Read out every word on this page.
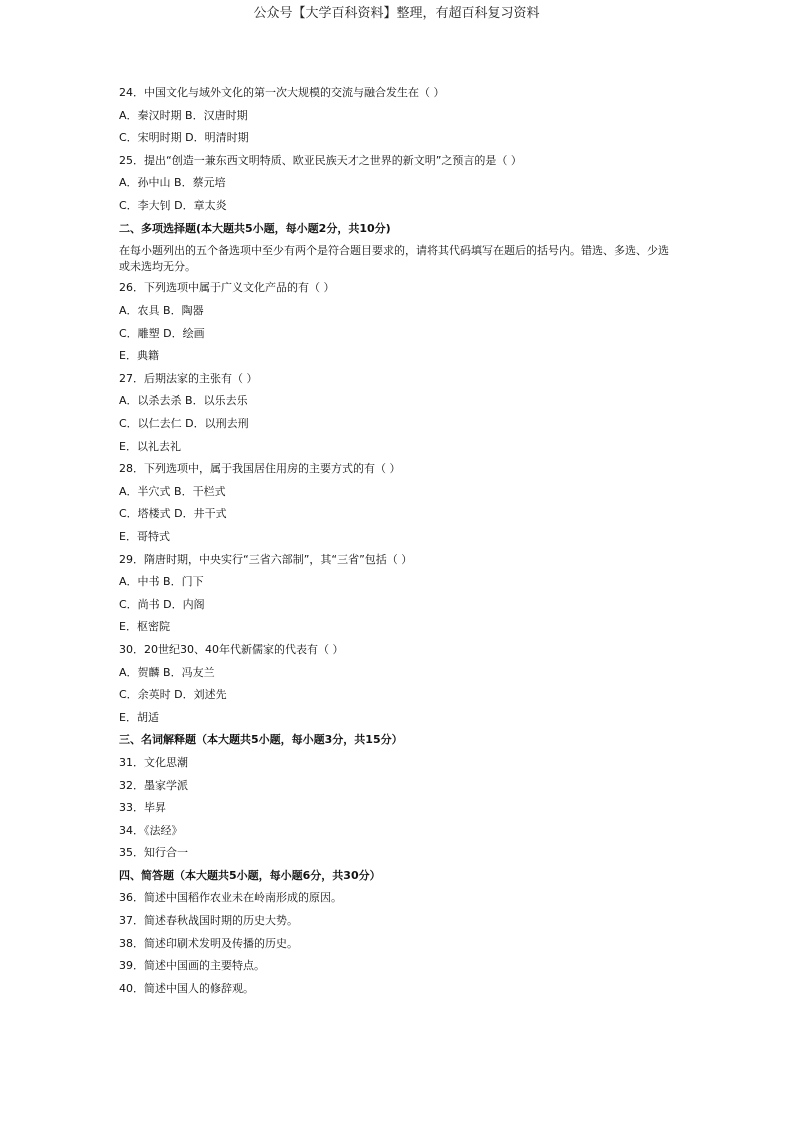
公众号【大学百科资料】整理，有超百科复习资料

24．中国文化与域外文化的第一次大规模的交流与融合发生在（ ）

A．秦汉时期 B．汉唐时期

C．宋明时期 D．明清时期

25．提出“创造一兼东西文明特质、欧亚民族天才之世界的新文明”之预言的是（ ）

A．孙中山 B．蔡元培

C．李大钊 D．章太炎

二、多项选择题(本大题共5小题，每小题2分，共10分)

在每小题列出的五个备选项中至少有两个是符合题目要求的，请将其代码填写在题后的括号内。错选、多选、少选或未选均无分。

26．下列选项中属于广义文化产品的有（ ）

A．农具 B．陶器

C．雕塑 D．绘画

E．典籍

27．后期法家的主张有（ ）

A．以杀去杀 B．以乐去乐

C．以仁去仁 D．以刑去刑

E．以礼去礼

28．下列选项中，属于我国居住用房的主要方式的有（ ）

A．半穴式 B．干栏式

C．塔楼式 D．井干式

E．哥特式

29．隋唐时期，中央实行“三省六部制”，其“三省”包括（ ）

A．中书 B．门下

C．尚书 D．内阁

E．枢密院

30．20世纪30、40年代新儒家的代表有（ ）

A．贺麟 B．冯友兰

C．余英时 D．刘述先

E．胡适

三、名词解释题（本大题共5小题，每小题3分，共15分）

31．文化思潮

32．墨家学派

33．毕昇

34．《法经》

35．知行合一

四、简答题（本大题共5小题，每小题6分，共30分）

36．简述中国稻作农业未在岭南形成的原因。

37．简述春秋战国时期的历史大势。

38．简述印刷术发明及传播的历史。

39．简述中国画的主要特点。

40．简述中国人的修辞观。
